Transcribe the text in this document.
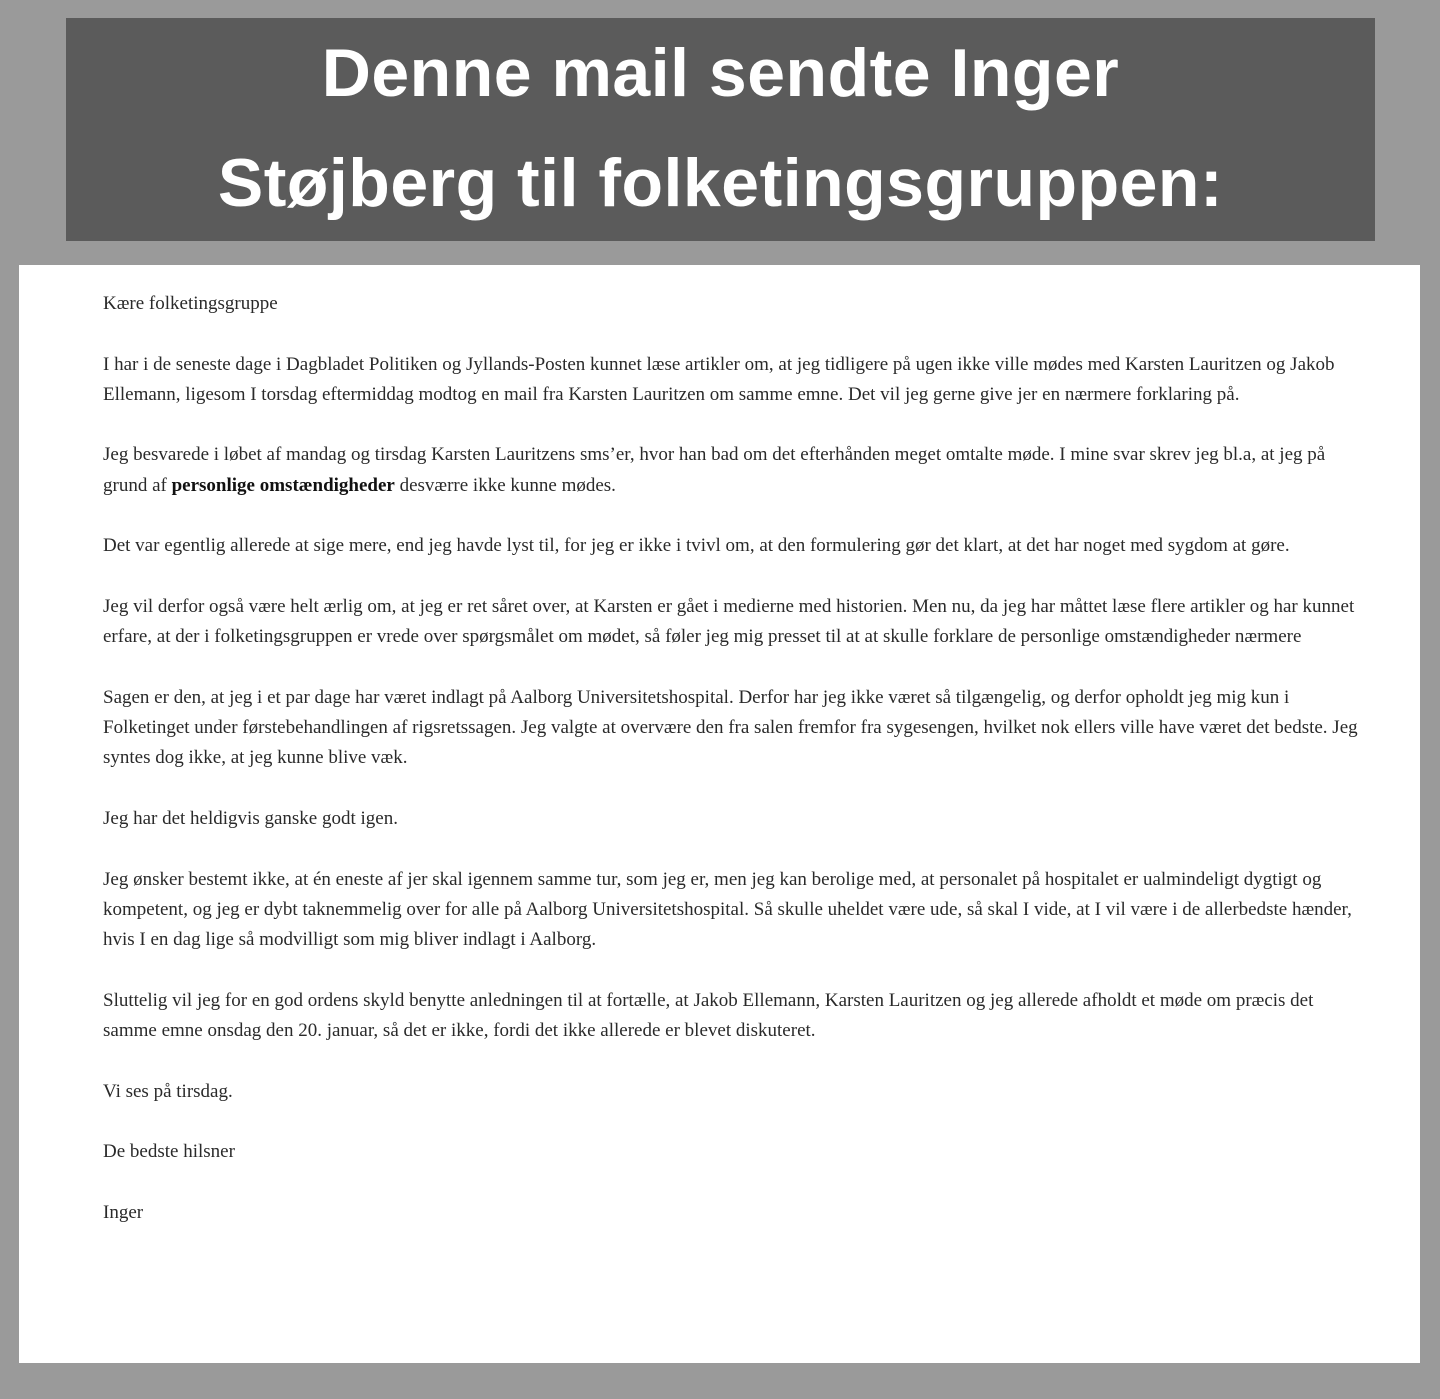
Denne mail sendte Inger
Støjberg til folketingsgruppen:

Kære folketingsgruppe

I har i de seneste dage i Dagbladet Politiken og Jyllands-Posten kunnet læse artikler om, at jeg tidligere på ugen ikke ville mødes med Karsten Lauritzen og Jakob Ellemann, ligesom I torsdag eftermiddag modtog en mail fra Karsten Lauritzen om samme emne. Det vil jeg gerne give jer en nærmere forklaring på.

Jeg besvarede i løbet af mandag og tirsdag Karsten Lauritzens sms’er, hvor han bad om det efterhånden meget omtalte møde. I mine svar skrev jeg bl.a, at jeg på grund af personlige omstændigheder desværre ikke kunne mødes.

Det var egentlig allerede at sige mere, end jeg havde lyst til, for jeg er ikke i tvivl om, at den formulering gør det klart, at det har noget med sygdom at gøre.

Jeg vil derfor også være helt ærlig om, at jeg er ret såret over, at Karsten er gået i medierne med historien. Men nu, da jeg har måttet læse flere artikler og har kunnet erfare, at der i folketingsgruppen er vrede over spørgsmålet om mødet, så føler jeg mig presset til at at skulle forklare de personlige omstændigheder nærmere

Sagen er den, at jeg i et par dage har været indlagt på Aalborg Universitetshospital. Derfor har jeg ikke været så tilgængelig, og derfor opholdt jeg mig kun i Folketinget under førstebehandlingen af rigsretssagen. Jeg valgte at overvære den fra salen fremfor fra sygesengen, hvilket nok ellers ville have været det bedste. Jeg syntes dog ikke, at jeg kunne blive væk.

Jeg har det heldigvis ganske godt igen.

Jeg ønsker bestemt ikke, at én eneste af jer skal igennem samme tur, som jeg er, men jeg kan berolige med, at personalet på hospitalet er ualmindeligt dygtigt og kompetent, og jeg er dybt taknemmelig over for alle på Aalborg Universitetshospital. Så skulle uheldet være ude, så skal I vide, at I vil være i de allerbedste hænder, hvis I en dag lige så modvilligt som mig bliver indlagt i Aalborg.

Sluttelig vil jeg for en god ordens skyld benytte anledningen til at fortælle, at Jakob Ellemann, Karsten Lauritzen og jeg allerede afholdt et møde om præcis det samme emne onsdag den 20. januar, så det er ikke, fordi det ikke allerede er blevet diskuteret.

Vi ses på tirsdag.

De bedste hilsner

Inger
